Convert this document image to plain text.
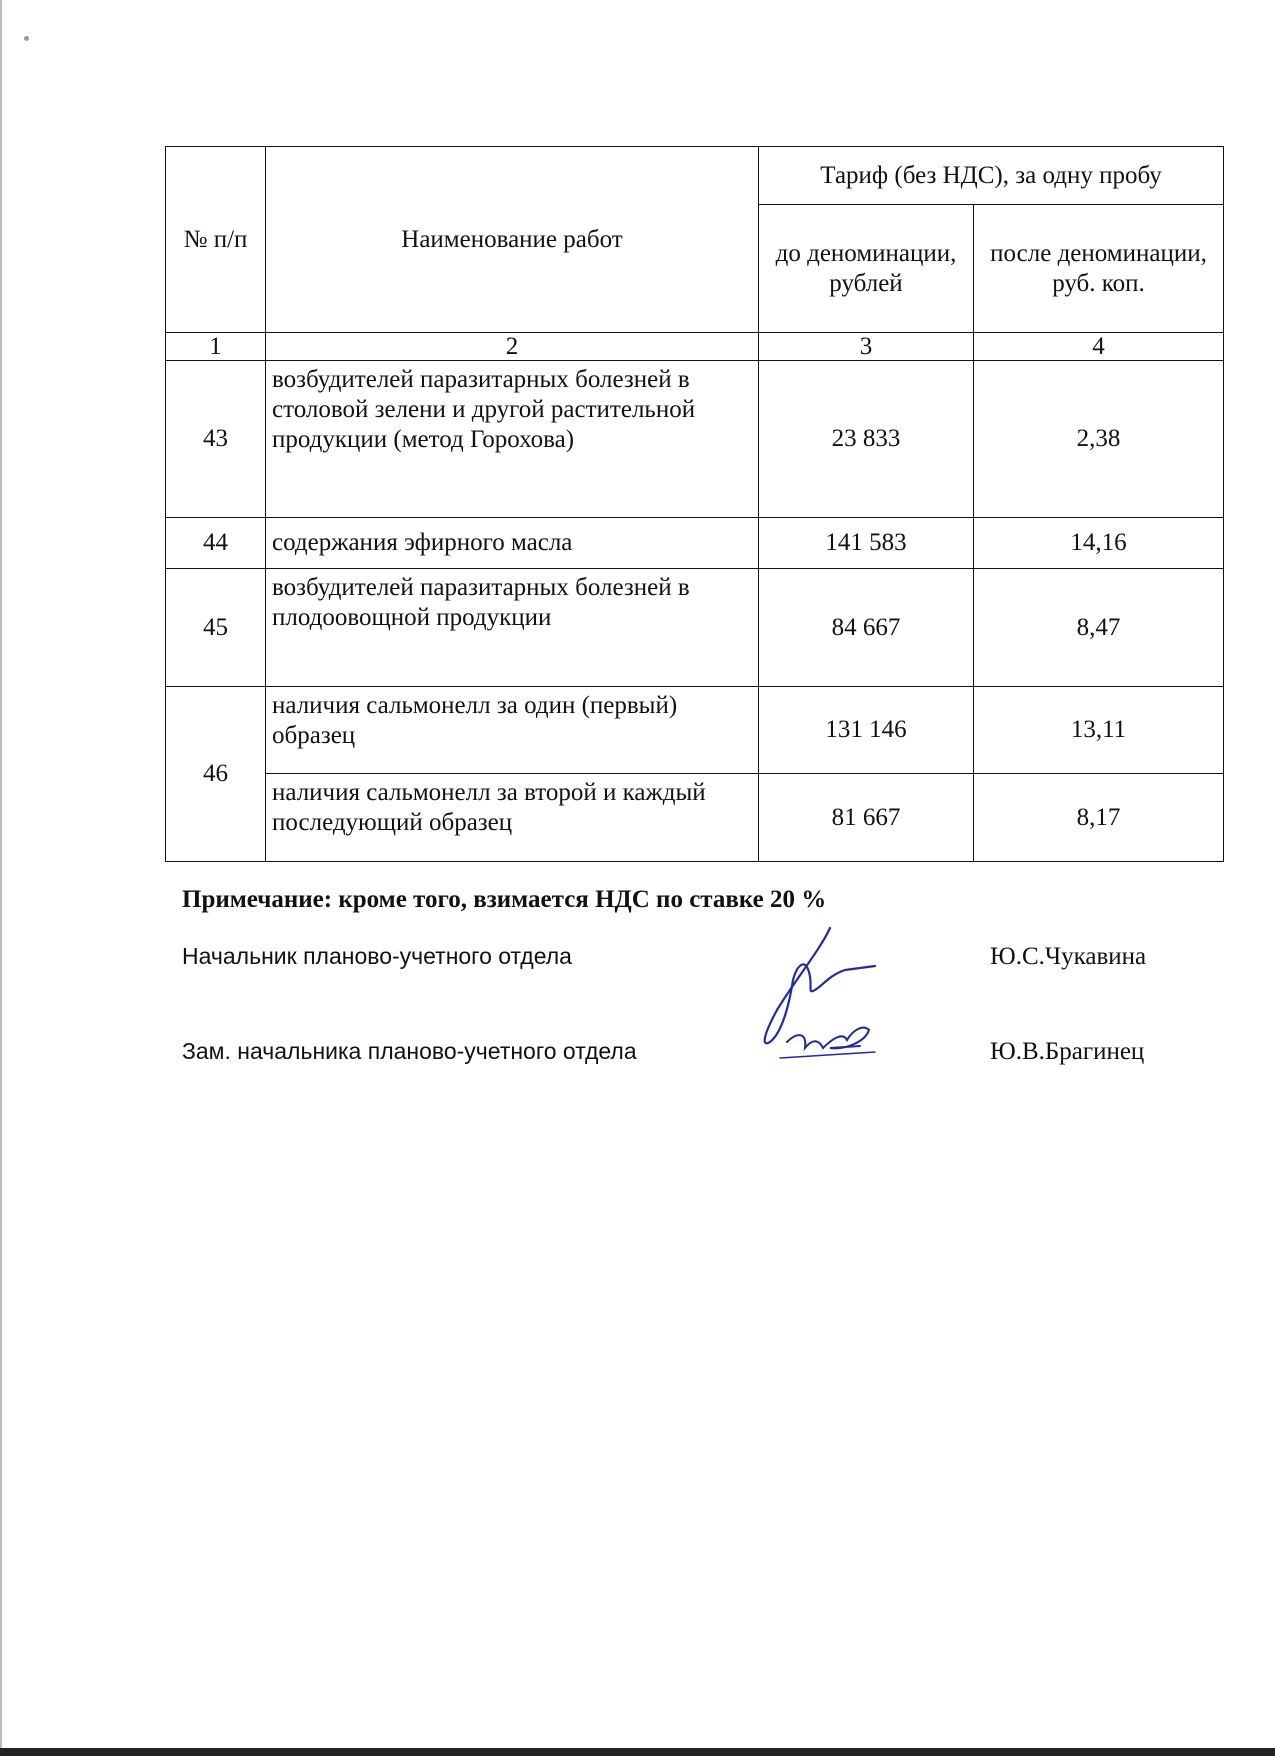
№ п/п	Наименование работ	Тариф (без НДС), за одну пробу	
		до деноминации, рублей	после деноминации, руб. коп.
1	2	3	4
43	возбудителей паразитарных болезней в столовой зелени и другой растительной продукции (метод Горохова)	23 833	2,38
44	содержания эфирного масла	141 583	14,16
45	возбудителей паразитарных болезней в плодоовощной продукции	84 667	8,47
46	наличия сальмонелл за один (первый) образец	131 146	13,11
	наличия сальмонелл за второй и каждый последующий образец	81 667	8,17
Примечание: кроме того, взимается НДС по ставке 20 %
Начальник планово-учетного отдела	Ю.С.Чукавина
Зам. начальника планово-учетного отдела	Ю.В.Брагинец
